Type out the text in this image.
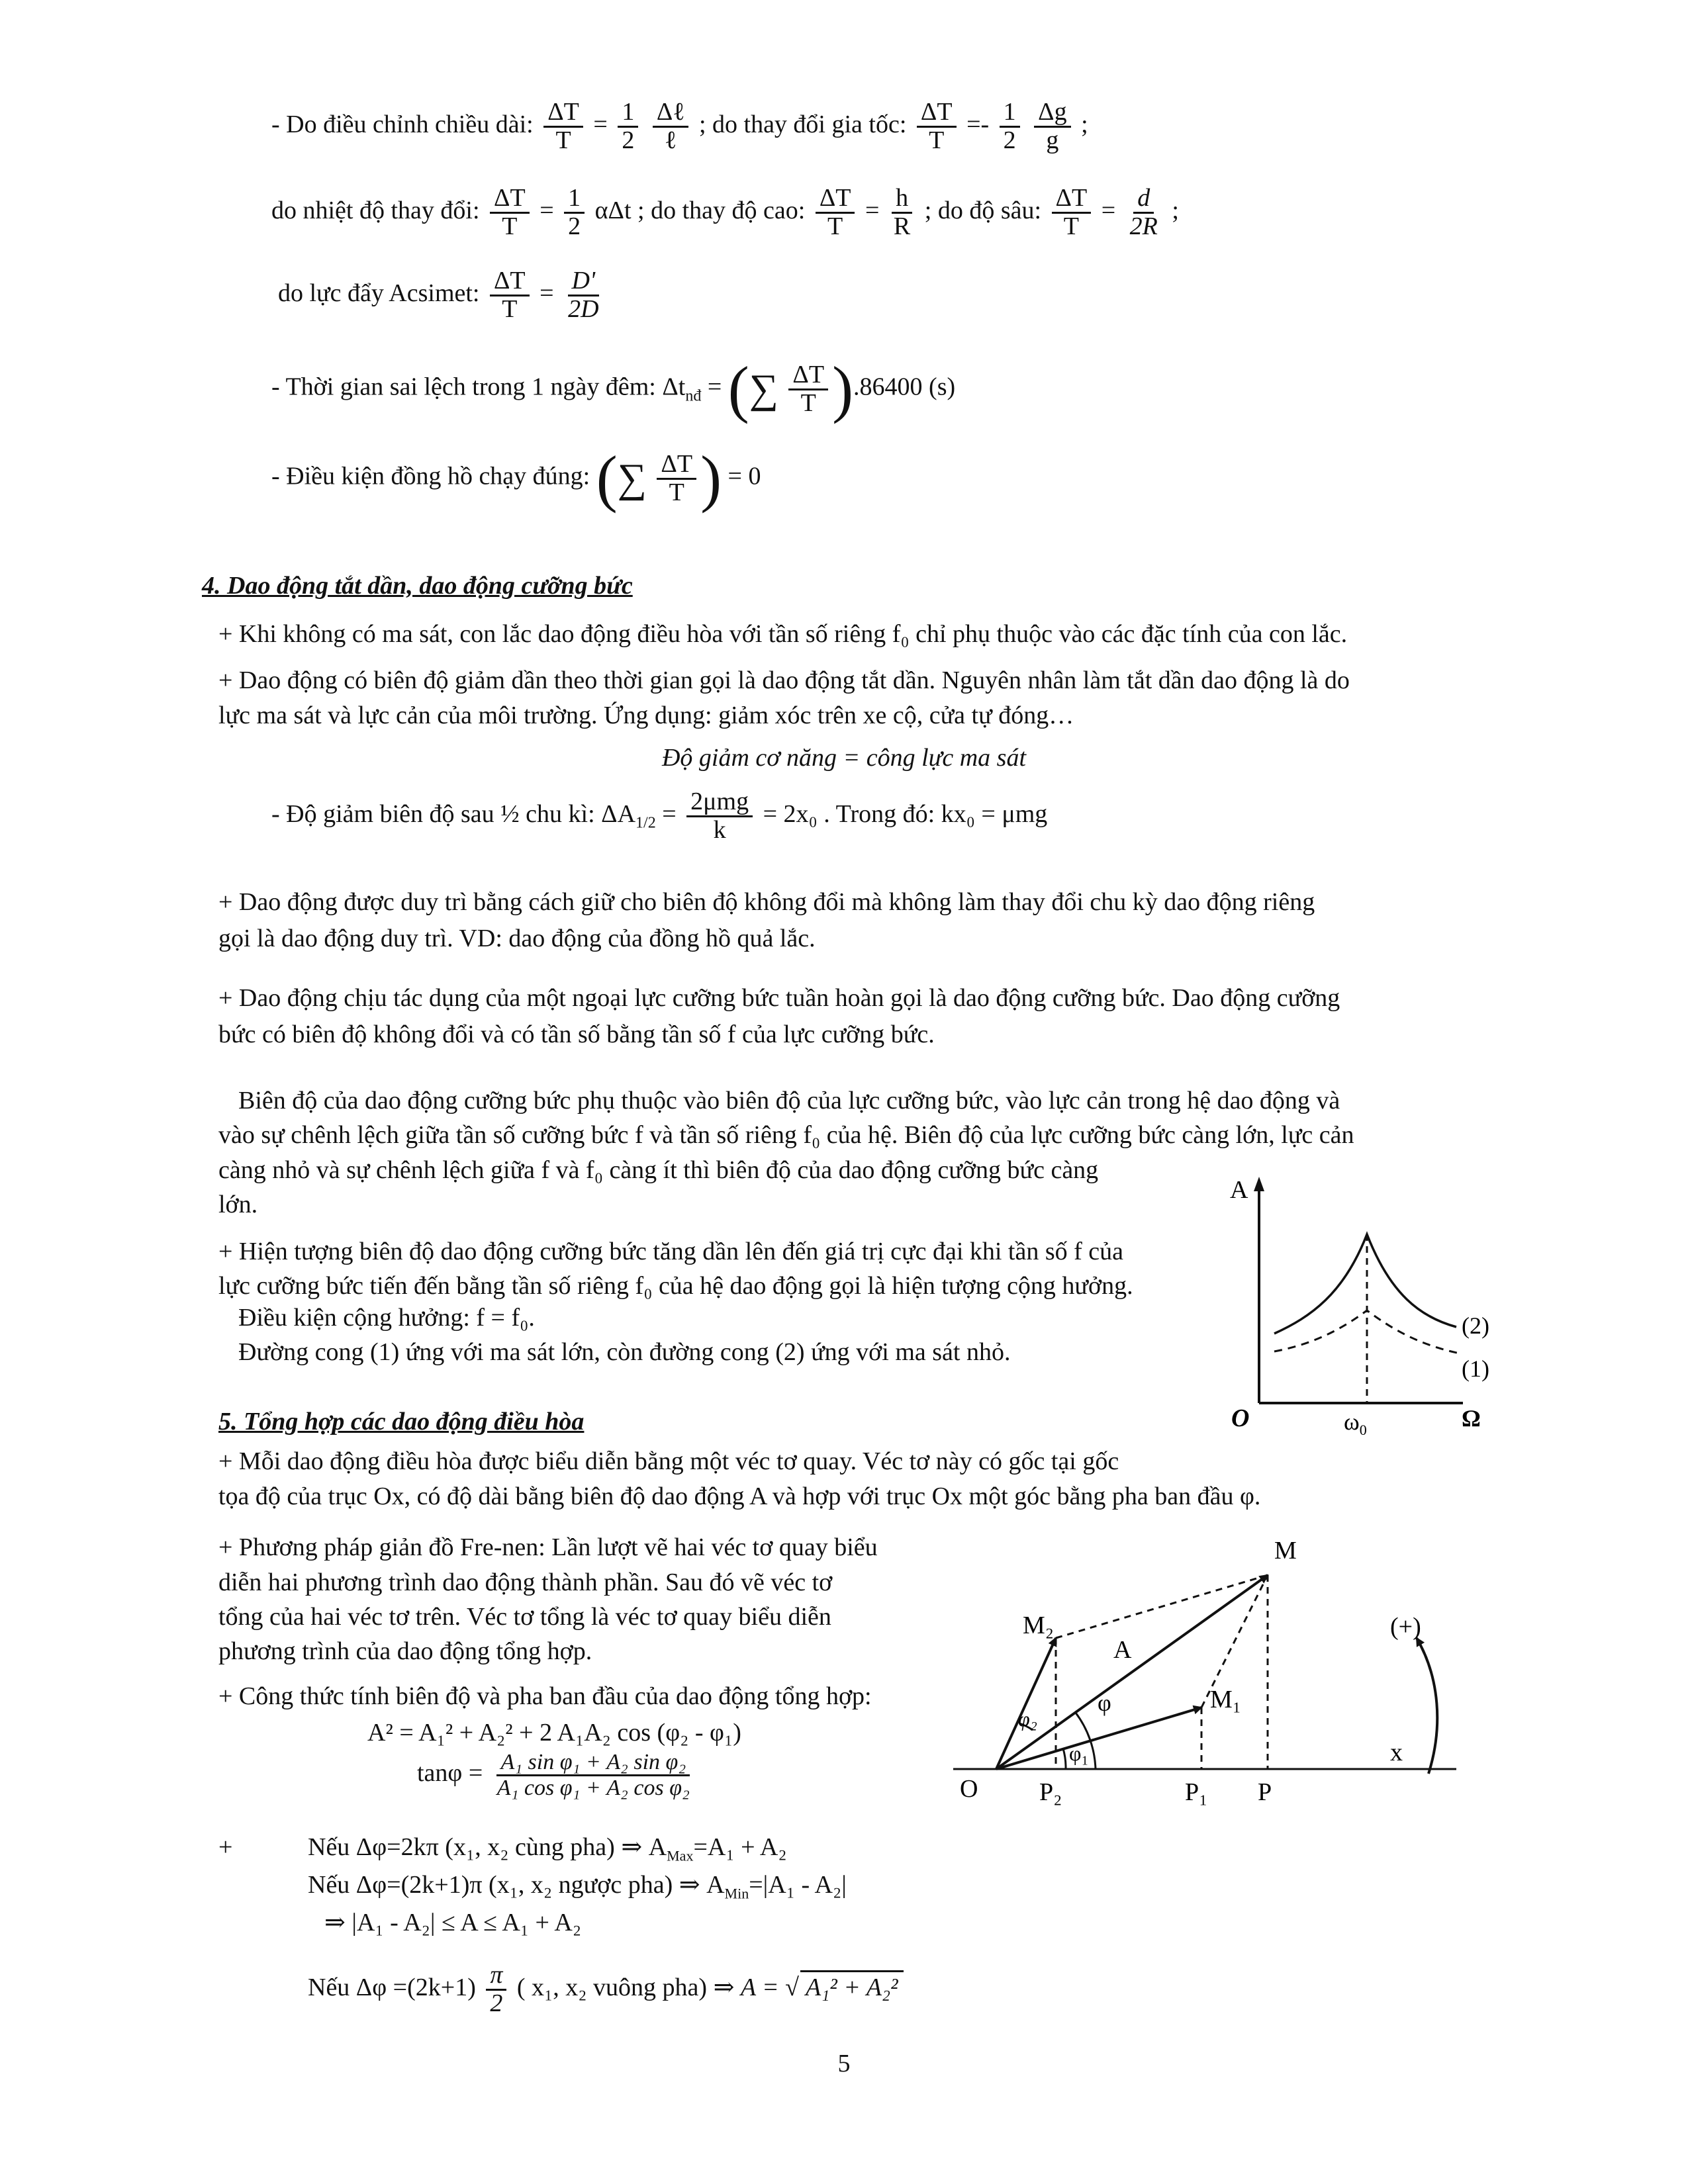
- Do điều chỉnh chiều dài: $\frac{\Delta T}{T} = \frac{1}{2}$
$\frac{\text{Δℓ}}{\text{ℓ}}$ ; do thay đổi gia tốc: $\frac{\Delta T}{T} =- \frac{1}{2}$
$\frac{\Delta g}{g}$ ;
do nhiệt độ thay đổi: $\frac{\Delta T}{T} = \frac{1}{2}$ αΔt ; do thay độ cao: $\frac{\Delta T}{T} = \frac{h}{R}$ ; do độ sâu: $\frac{\Delta T}{T} = \frac{d}{2R}$ ;
do lực đẩy Acsimet: $\frac{\Delta T}{T} = \frac{D'}{2D}$
- Thời gian sai lệch trong 1 ngày đêm: $\Delta t_{nđ}$ = (∑ $\frac{\Delta T}{T} ).86400$ (s)
- Điều kiện đồng hồ chạy đúng: (∑ $\frac{\Delta T}{T}$ ) = 0
4. Dao động tắt dần, dao động cưỡng bức
+ Khi không có ma sát, con lắc dao động điều hòa với tần số riêng f₀ chỉ phụ thuộc vào các đặc tính của con lắc.
+ Dao động có biên độ giảm dần theo thời gian gọi là dao động tắt dần. Nguyên nhân làm tắt dần dao động là do
lực ma sát và lực cản của môi trường. Ứng dụng: giảm xóc trên xe cộ, cửa tự đóng…
Độ giảm cơ năng = công lực ma sát
- Độ giảm biên độ sau ½ chu kì: $\Delta A_{1/2} = \frac{\text{2μmg}}{k} = 2x_0$ . Trong đó: kx₀ = μmg
+ Dao động được duy trì bằng cách giữ cho biên độ không đổi mà không làm thay đổi chu kỳ dao động riêng
gọi là dao động duy trì. VD: dao động của đồng hồ quả lắc.
+ Dao động chịu tác dụng của một ngoại lực cưỡng bức tuần hoàn gọi là dao động cưỡng bức. Dao động cưỡng
bức có biên độ không đổi và có tần số bằng tần số f của lực cưỡng bức.
Biên độ của dao động cưỡng bức phụ thuộc vào biên độ của lực cưỡng bức, vào lực cản trong hệ dao động và
vào sự chênh lệch giữa tần số cưỡng bức f và tần số riêng f₀ của hệ. Biên độ của lực cưỡng bức càng lớn, lực cản
càng nhỏ và sự chênh lệch giữa f và f₀ càng ít thì biên độ của dao động cưỡng bức càng
lớn.
+ Hiện tượng biên độ dao động cưỡng bức tăng dần lên đến giá trị cực đại khi tần số f của
lực cưỡng bức tiến đến bằng tần số riêng f₀ của hệ dao động gọi là hiện tượng cộng hưởng.
Điều kiện cộng hưởng: f = f₀.
Đường cong (1) ứng với ma sát lớn, còn đường cong (2) ứng với ma sát nhỏ.
A
O	Ω
$\omega_0$
(2)
(1)
5. Tổng hợp các dao động điều hòa
+ Mỗi dao động điều hòa được biểu diễn bằng một véc tơ quay. Véc tơ này có gốc tại gốc
tọa độ của trục Ox, có độ dài bằng biên độ dao động A và hợp với trục Ox một góc bằng pha ban đầu φ.
+ Phương pháp giản đồ Fre-nen: Lần lượt vẽ hai véc tơ quay biểu
diễn hai phương trình dao động thành phần. Sau đó vẽ véc tơ
tổng của hai véc tơ trên. Véc tơ tổng là véc tơ quay biểu diễn
phương trình của dao động tổng hợp.
+ Công thức tính biên độ và pha ban đầu của dao động tổng hợp:
A² = A₁² + A₂² + 2 A₁A₂ cos (φ₂ - φ₁)
$\tan\varphi = \frac{\text{A₁ sin φ₁ + A₂ sin φ₂}}{\text{A₁ cos φ₁ + A₂ cos φ₂}}$
+	Nếu Δφ=2kπ (x₁, x₂ cùng pha) ⇒ $A_{Max}=A_1 + A_2$
Nếu Δφ=(2k+1)π (x₁, x₂ ngược pha) ⇒ $A_{Min}=|A_1 - A_2|$
⇒ |A₁ - A₂| ≤ A ≤ A₁ + A₂
Nếu $\Delta\varphi =(2k+1) \frac{\pi}{2}$ ( x₁, x₂ vuông pha) ⇒ A = √ A₁² + A₂²
M
M₂
M₁
A
φ
φ₂
φ₁
(+)
x
O P₂	P₁ P
5
